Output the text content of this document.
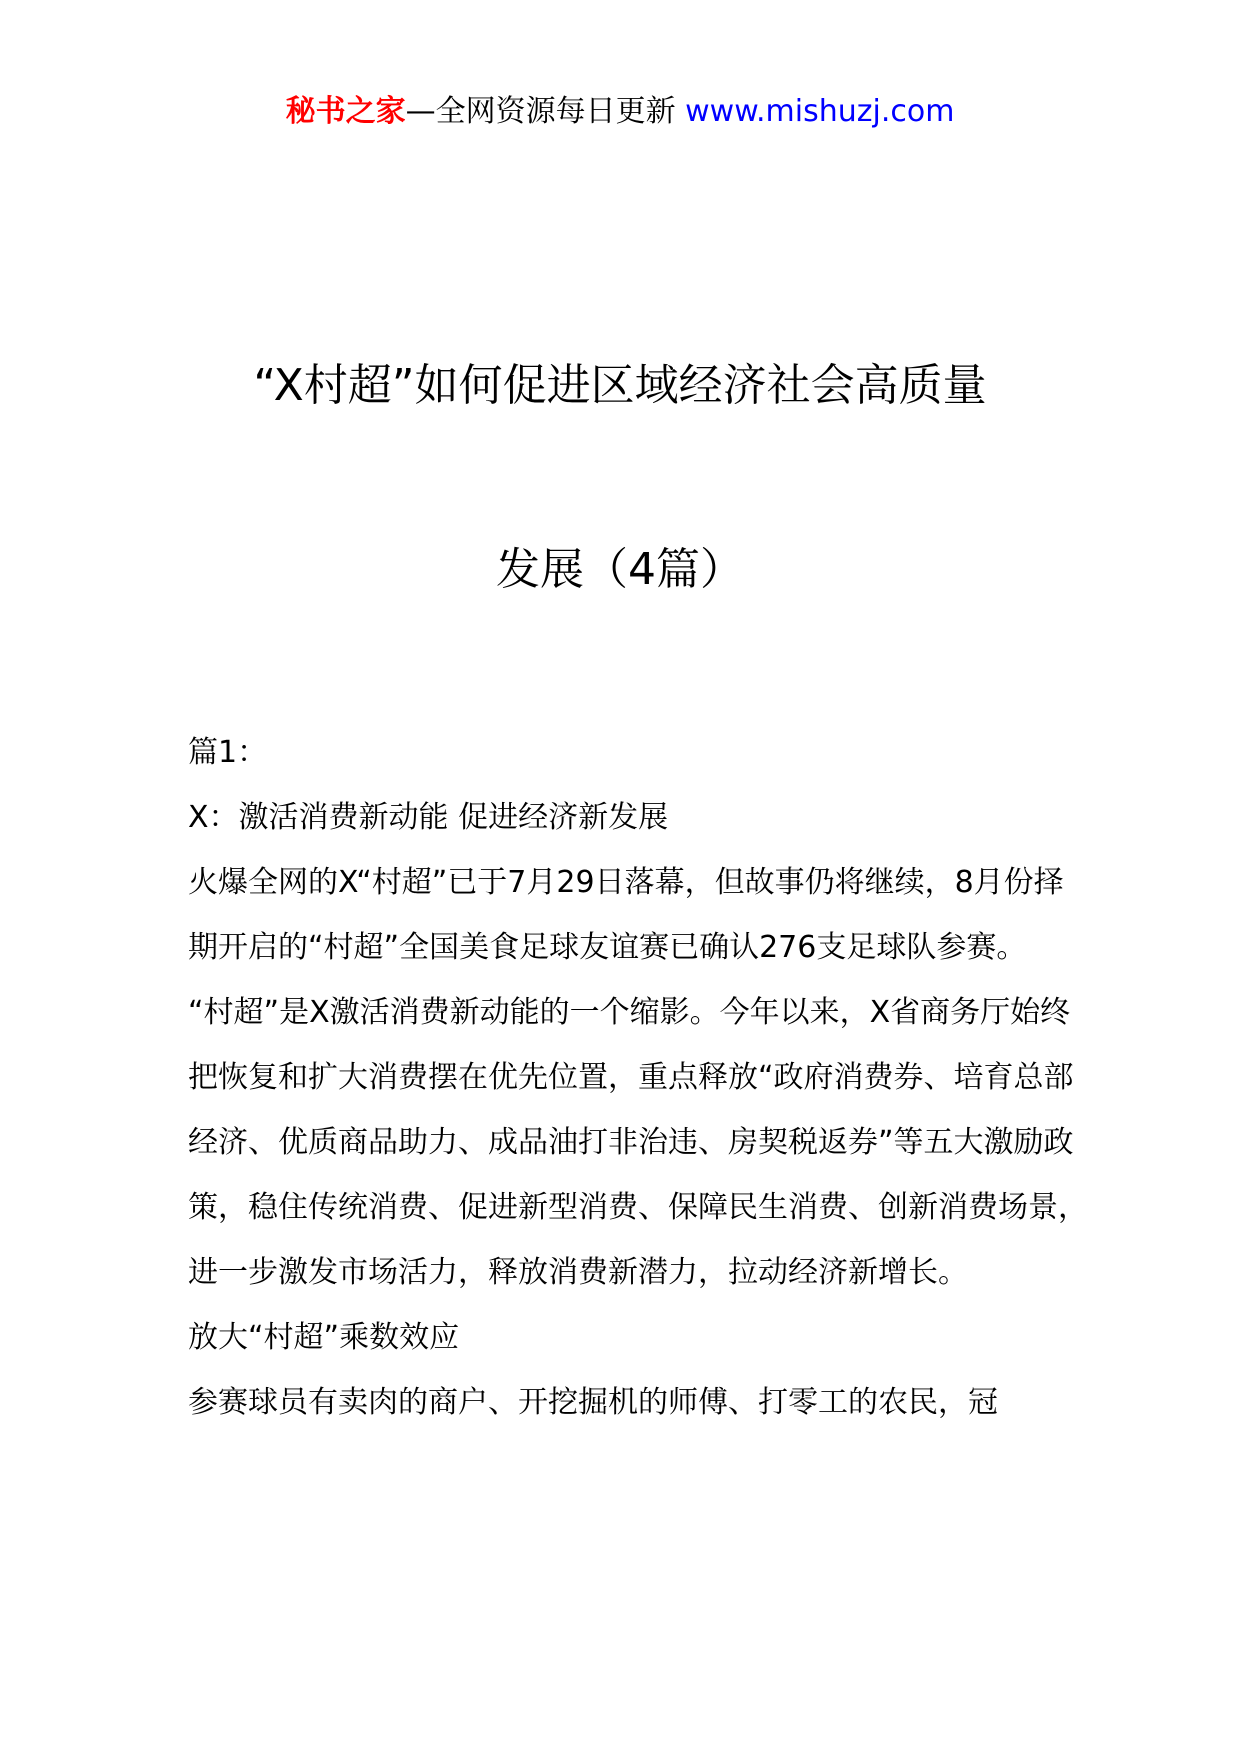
秘书之家—全网资源每日更新 www.mishuzj.com
“X村超”如何促进区域经济社会高质量
发展（4篇）

篇1：

X：激活消费新动能 促进经济新发展

火爆全网的X“村超”已于7月29日落幕，但故事仍将继续，8月份择期开启的“村超”全国美食足球友谊赛已确认276支足球队参赛。

“村超”是X激活消费新动能的一个缩影。今年以来，X省商务厅始终把恢复和扩大消费摆在优先位置，重点释放“政府消费券、培育总部经济、优质商品助力、成品油打非治违、房契税返券”等五大激励政策，稳住传统消费、促进新型消费、保障民生消费、创新消费场景，进一步激发市场活力，释放消费新潜力，拉动经济新增长。

放大“村超”乘数效应

参赛球员有卖肉的商户、开挖掘机的师傅、打零工的农民，冠
